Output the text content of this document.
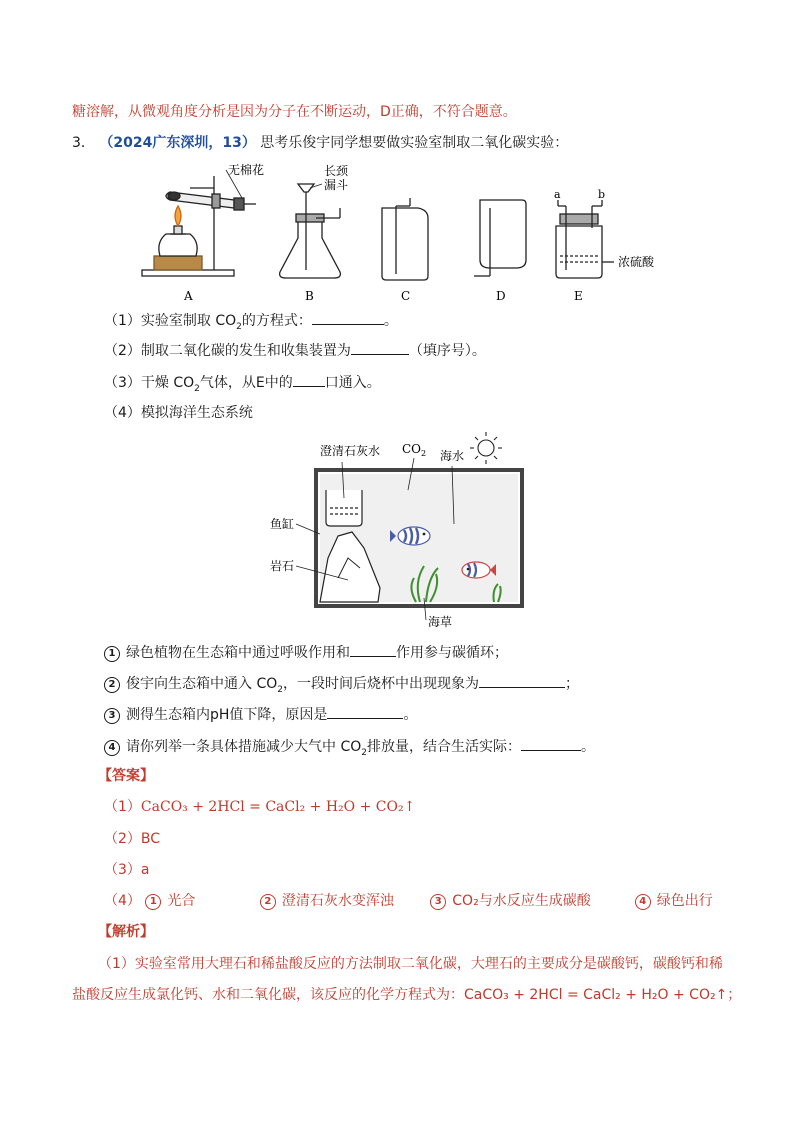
糖溶解，从微观角度分析是因为分子在不断运动，D正确，不符合题意。
3． （2024广东深圳，13） 思考乐俊宇同学想要做实验室制取二氧化碳实验：
无棉花	长颈
漏斗
a	b
浓硫酸
A	B	C	D	E
（1）实验室制取 $CO_2$的方程式：	。
（2）制取二氧化碳的发生和收集装置为	（填序号）。
（3）干燥 $CO_2$气体，从E中的 口通入。
（4）模拟海洋生态系统
澄清石灰水 $CO_2$ 海水
鱼缸
岩石
海草
1 绿色植物在生态箱中通过呼吸作用和	作用参与碳循环；
2 俊宇向生态箱中通入 $CO_2$，一段时间后烧杯中出现现象为	；
3 测得生态箱内pH值下降，原因是	。
4 请你列举一条具体措施减少大气中 $CO_2$排放量，结合生活实际：	。
【答案】
（1）CaCO₃ + 2HCl = CaCl₂ + H₂O + CO₂↑
（2）BC
（3）a
（4） 1 光合	2 澄清石灰水变浑浊	3 CO₂与水反应生成碳酸	4 绿色出行
【解析】
（1）实验室常用大理石和稀盐酸反应的方法制取二氧化碳，大理石的主要成分是碳酸钙，碳酸钙和稀
盐酸反应生成氯化钙、水和二氧化碳，该反应的化学方程式为：CaCO₃ + 2HCl = CaCl₂ + H₂O + CO₂↑；
